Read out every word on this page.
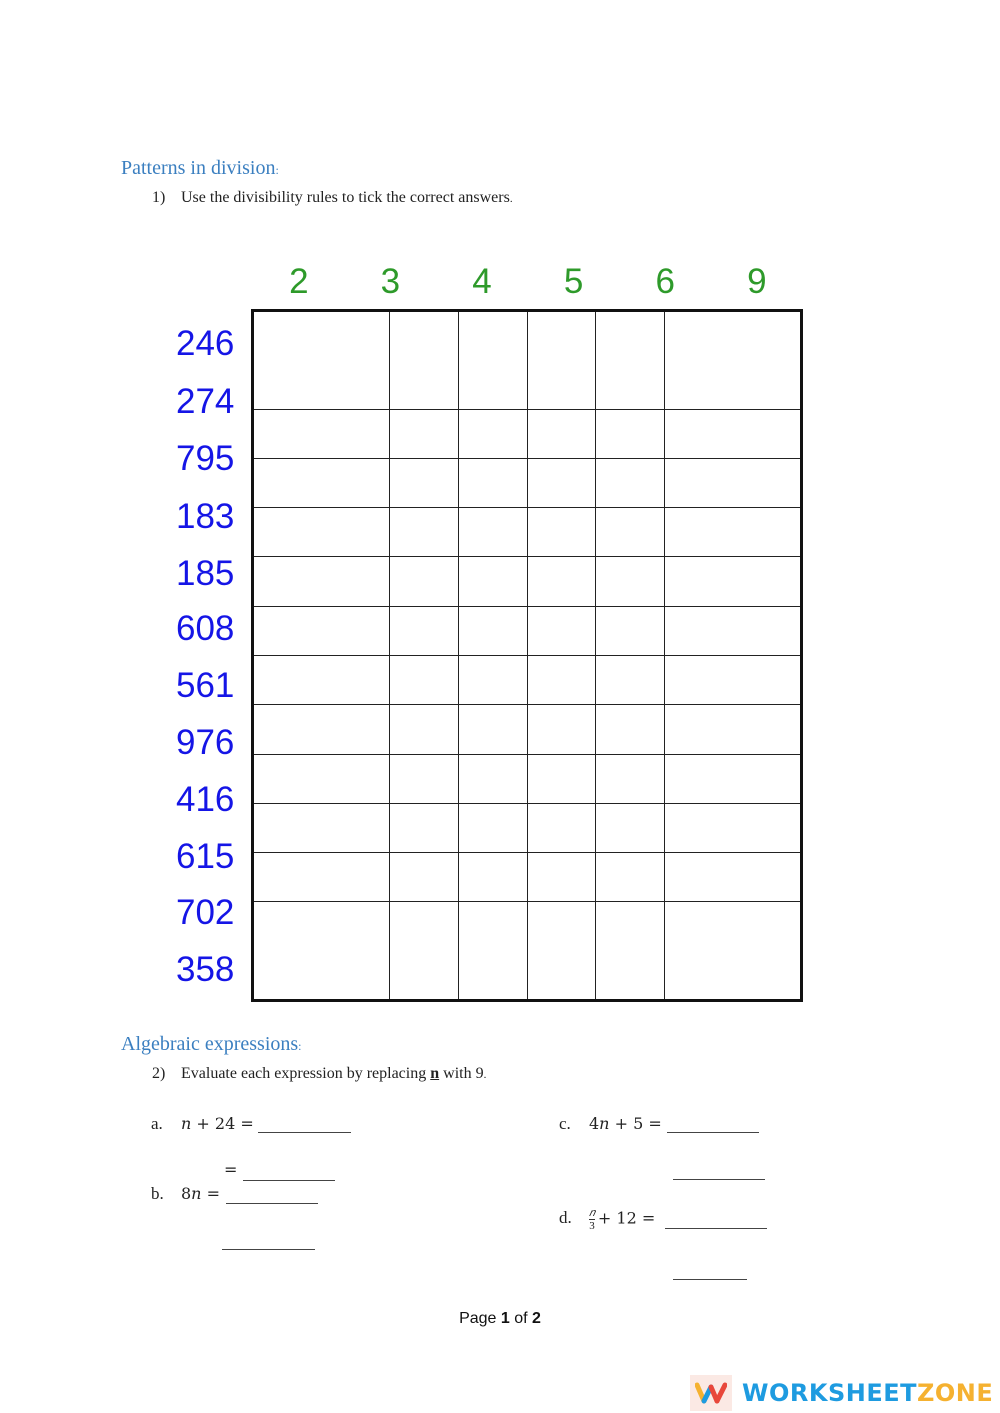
Patterns in division:
1) Use the divisibility rules to tick the correct answers.
2	3	4	5	6	9
246
274
795
183
185
608
561
976
416
615
702
358

Algebraic expressions:
2) Evaluate each expression by replacing n with 9.
a. 𝑛 + 24 =
=
b. 8𝑛 =
c. 4𝑛 + 5 =
d. $\frac{\text{𝑛}}{3} + 12$ =
Page 1 of 2
WORKSHEET ZONE
